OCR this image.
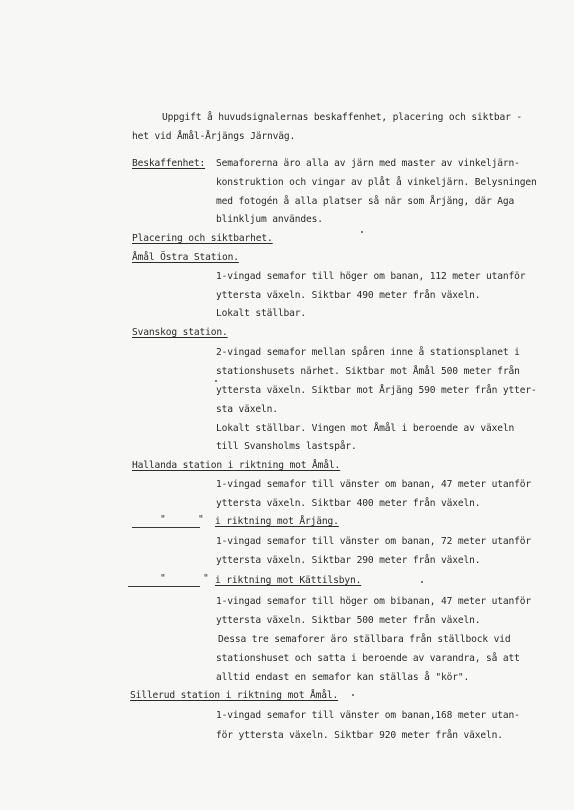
Uppgift å huvudsignalernas beskaffenhet, placering och siktbar -
het vid Åmål-Årjängs Järnväg.
Beskaffenhet: Semaforerna äro alla av järn med master av vinkeljärn-
konstruktion och vingar av plåt å vinkeljärn. Belysningen
med fotogén å alla platser så när som Årjäng, där Aga
blinkljum användes.
Placering och siktbarhet.
Åmål Östra Station.
1-vingad semafor till höger om banan, 112 meter utanför
yttersta växeln. Siktbar 490 meter från växeln.
Lokalt ställbar.
Svanskog station.
2-vingad semafor mellan spåren inne å stationsplanet i
stationshusets närhet. Siktbar mot Åmål 500 meter från
yttersta växeln. Siktbar mot Årjäng 590 meter från ytter-
sta växeln.
Lokalt ställbar. Vingen mot Åmål i beroende av växeln
till Svansholms lastspår.
Hallanda station i riktning mot Åmål.
1-vingad semafor till vänster om banan, 47 meter utanför
yttersta växeln. Siktbar 400 meter från växeln.
"	" i riktning mot Årjäng.
1-vingad semafor till vänster om banan, 72 meter utanför
yttersta växeln. Siktbar 290 meter från växeln.
"	" i riktning mot Kättilsbyn.
1-vingad semafor till höger om bibanan, 47 meter utanför
yttersta växeln. Siktbar 500 meter från växeln.
Dessa tre semaforer äro ställbara från ställbock vid
stationshuset och satta i beroende av varandra, så att
alltid endast en semafor kan ställas å "kör".
Sillerud station i riktning mot Åmål.
1-vingad semafor till vänster om banan,168 meter utan-
för yttersta växeln. Siktbar 920 meter från växeln.
